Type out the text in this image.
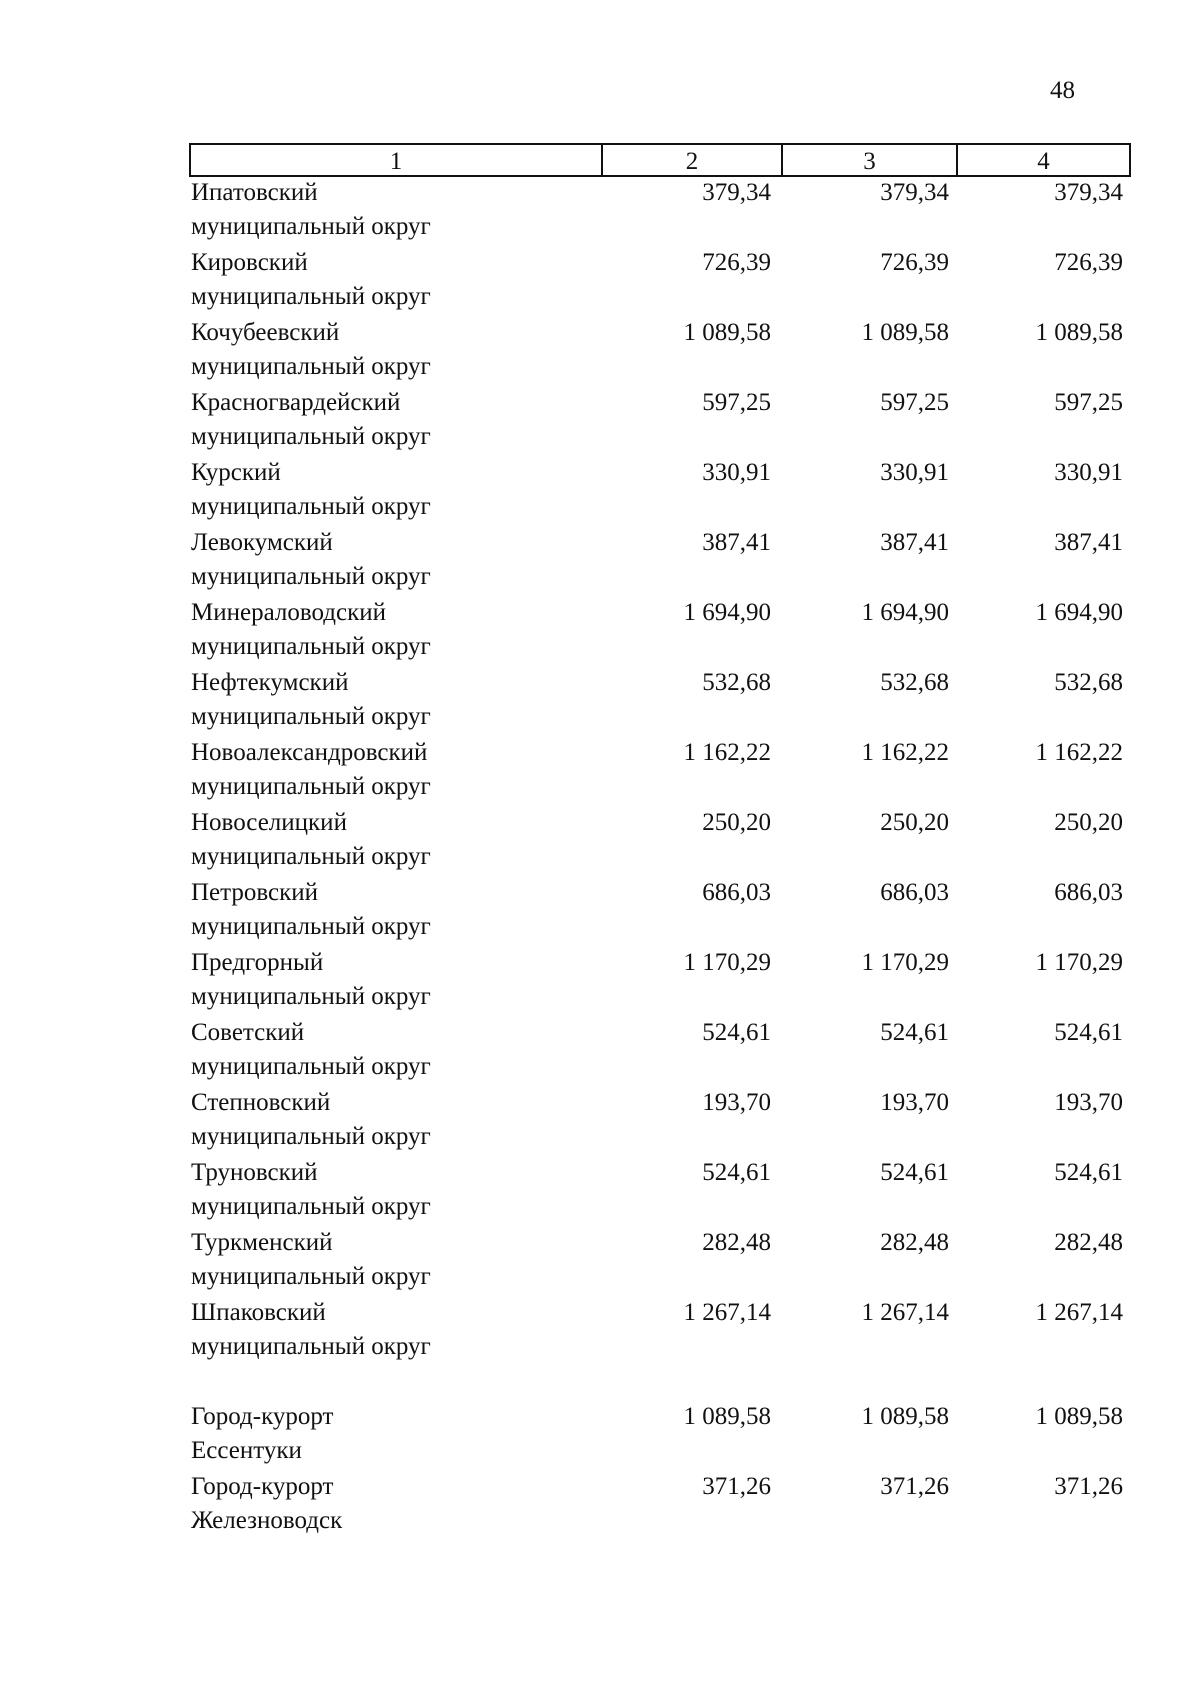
48
1	2	3	4
Ипатовский
муниципальный округ
379,34	379,34	379,34
Кировский
муниципальный округ
726,39	726,39	726,39
Кочубеевский
муниципальный округ
1 089,58	1 089,58	1 089,58
Красногвардейский
муниципальный округ
597,25	597,25	597,25
Курский
муниципальный округ
330,91	330,91	330,91
Левокумский
муниципальный округ
387,41	387,41	387,41
Минераловодский
муниципальный округ
1 694,90	1 694,90	1 694,90
Нефтекумский
муниципальный округ
532,68	532,68	532,68
Новоалександровский
муниципальный округ
1 162,22	1 162,22	1 162,22
Новоселицкий
муниципальный округ
250,20	250,20	250,20
Петровский
муниципальный округ
686,03	686,03	686,03
Предгорный
муниципальный округ
1 170,29	1 170,29	1 170,29
Советский
муниципальный округ
524,61	524,61	524,61
Степновский
муниципальный округ
193,70	193,70	193,70
Труновский
муниципальный округ
524,61	524,61	524,61
Туркменский
муниципальный округ
282,48	282,48	282,48
Шпаковский
муниципальный округ
1 267,14	1 267,14	1 267,14
Город-курорт
Ессентуки
1 089,58	1 089,58	1 089,58
Город-курорт
Железноводск
371,26	371,26	371,26
